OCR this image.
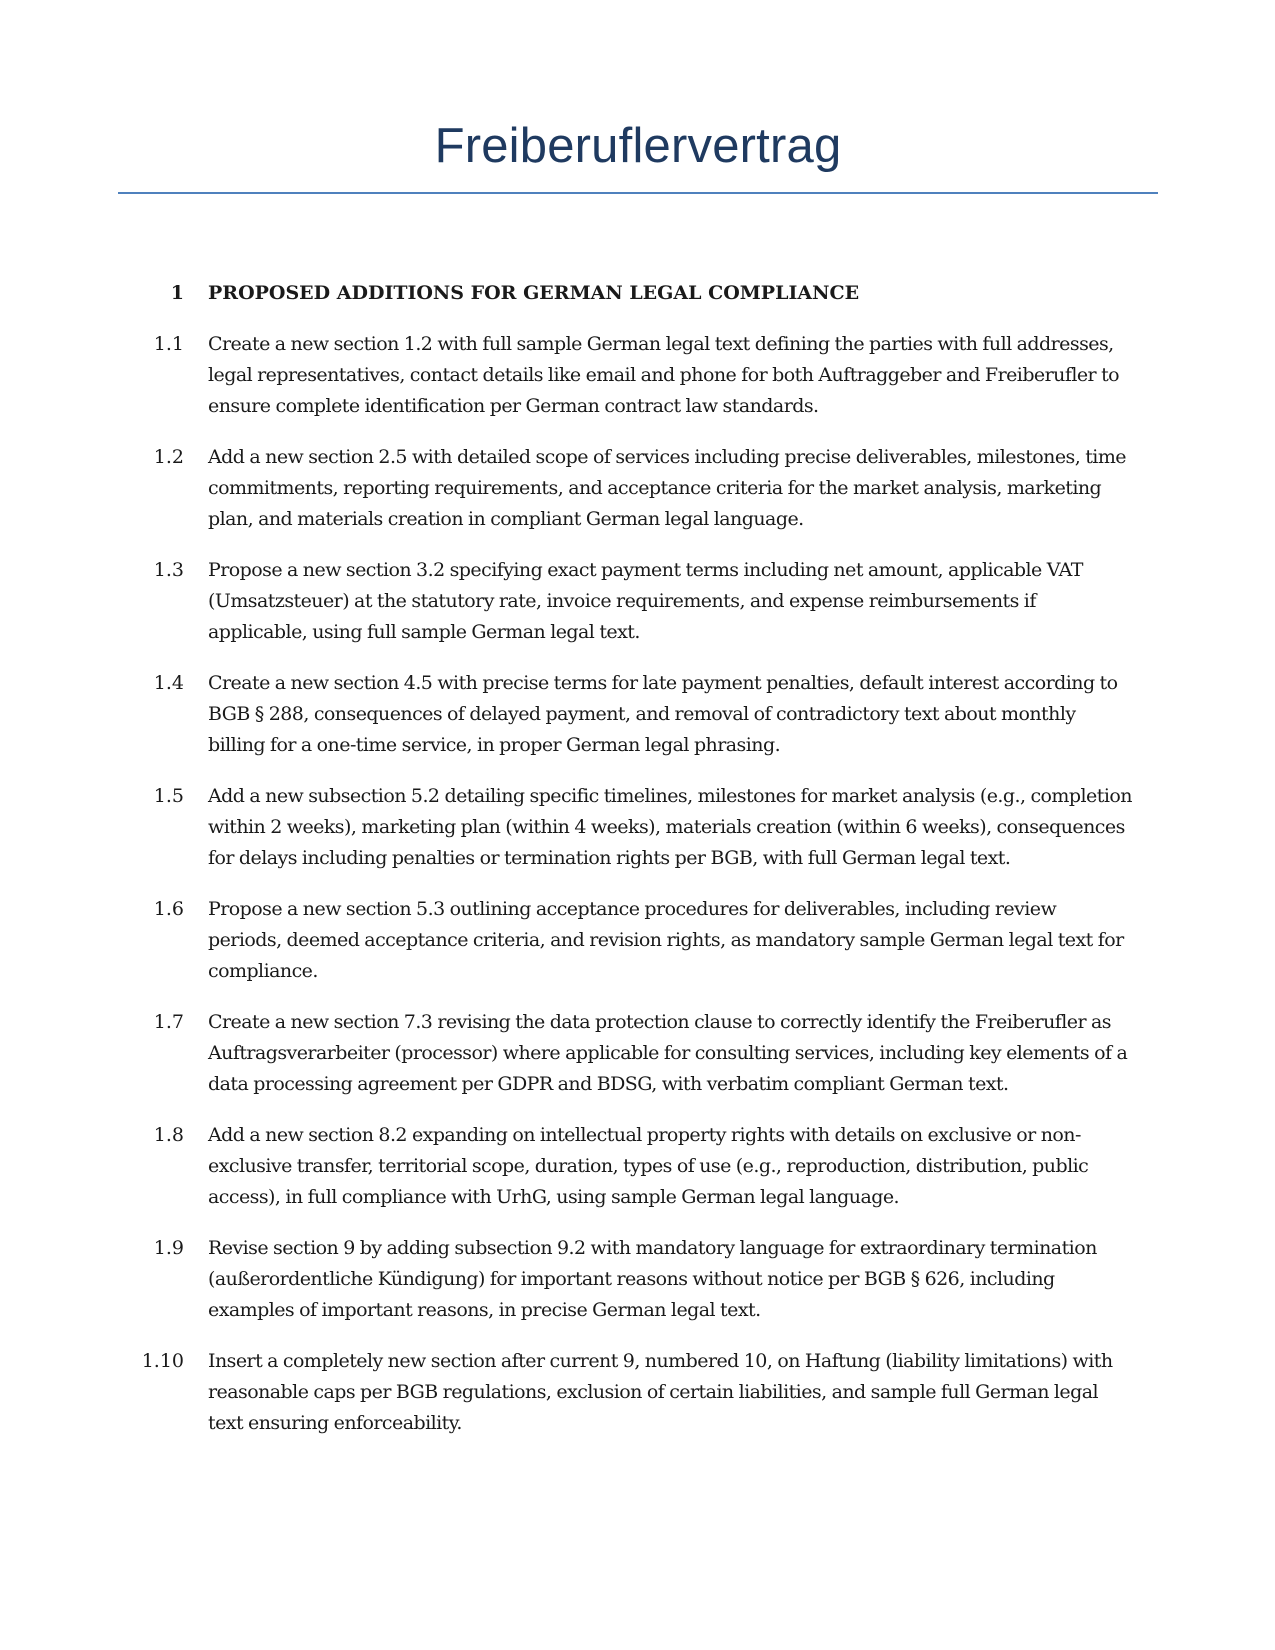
Freiberuflervertrag
1 PROPOSED ADDITIONS FOR GERMAN LEGAL COMPLIANCE
1.1 Create a new section 1.2 with full sample German legal text defining the parties with full addresses, legal representatives, contact details like email and phone for both Auftraggeber and Freiberufler to ensure complete identification per German contract law standards.
1.2 Add a new section 2.5 with detailed scope of services including precise deliverables, milestones, time commitments, reporting requirements, and acceptance criteria for the market analysis, marketing plan, and materials creation in compliant German legal language.
1.3 Propose a new section 3.2 specifying exact payment terms including net amount, applicable VAT (Umsatzsteuer) at the statutory rate, invoice requirements, and expense reimbursements if applicable, using full sample German legal text.
1.4 Create a new section 4.5 with precise terms for late payment penalties, default interest according to BGB § 288, consequences of delayed payment, and removal of contradictory text about monthly billing for a one-time service, in proper German legal phrasing.
1.5 Add a new subsection 5.2 detailing specific timelines, milestones for market analysis (e.g., completion within 2 weeks), marketing plan (within 4 weeks), materials creation (within 6 weeks), consequences for delays including penalties or termination rights per BGB, with full German legal text.
1.6 Propose a new section 5.3 outlining acceptance procedures for deliverables, including review periods, deemed acceptance criteria, and revision rights, as mandatory sample German legal text for compliance.
1.7 Create a new section 7.3 revising the data protection clause to correctly identify the Freiberufler as Auftragsverarbeiter (processor) where applicable for consulting services, including key elements of a data processing agreement per GDPR and BDSG, with verbatim compliant German text.
1.8 Add a new section 8.2 expanding on intellectual property rights with details on exclusive or non-exclusive transfer, territorial scope, duration, types of use (e.g., reproduction, distribution, public access), in full compliance with UrhG, using sample German legal language.
1.9 Revise section 9 by adding subsection 9.2 with mandatory language for extraordinary termination (außerordentliche Kündigung) for important reasons without notice per BGB § 626, including examples of important reasons, in precise German legal text.
1.10 Insert a completely new section after current 9, numbered 10, on Haftung (liability limitations) with reasonable caps per BGB regulations, exclusion of certain liabilities, and sample full German legal text ensuring enforceability.
